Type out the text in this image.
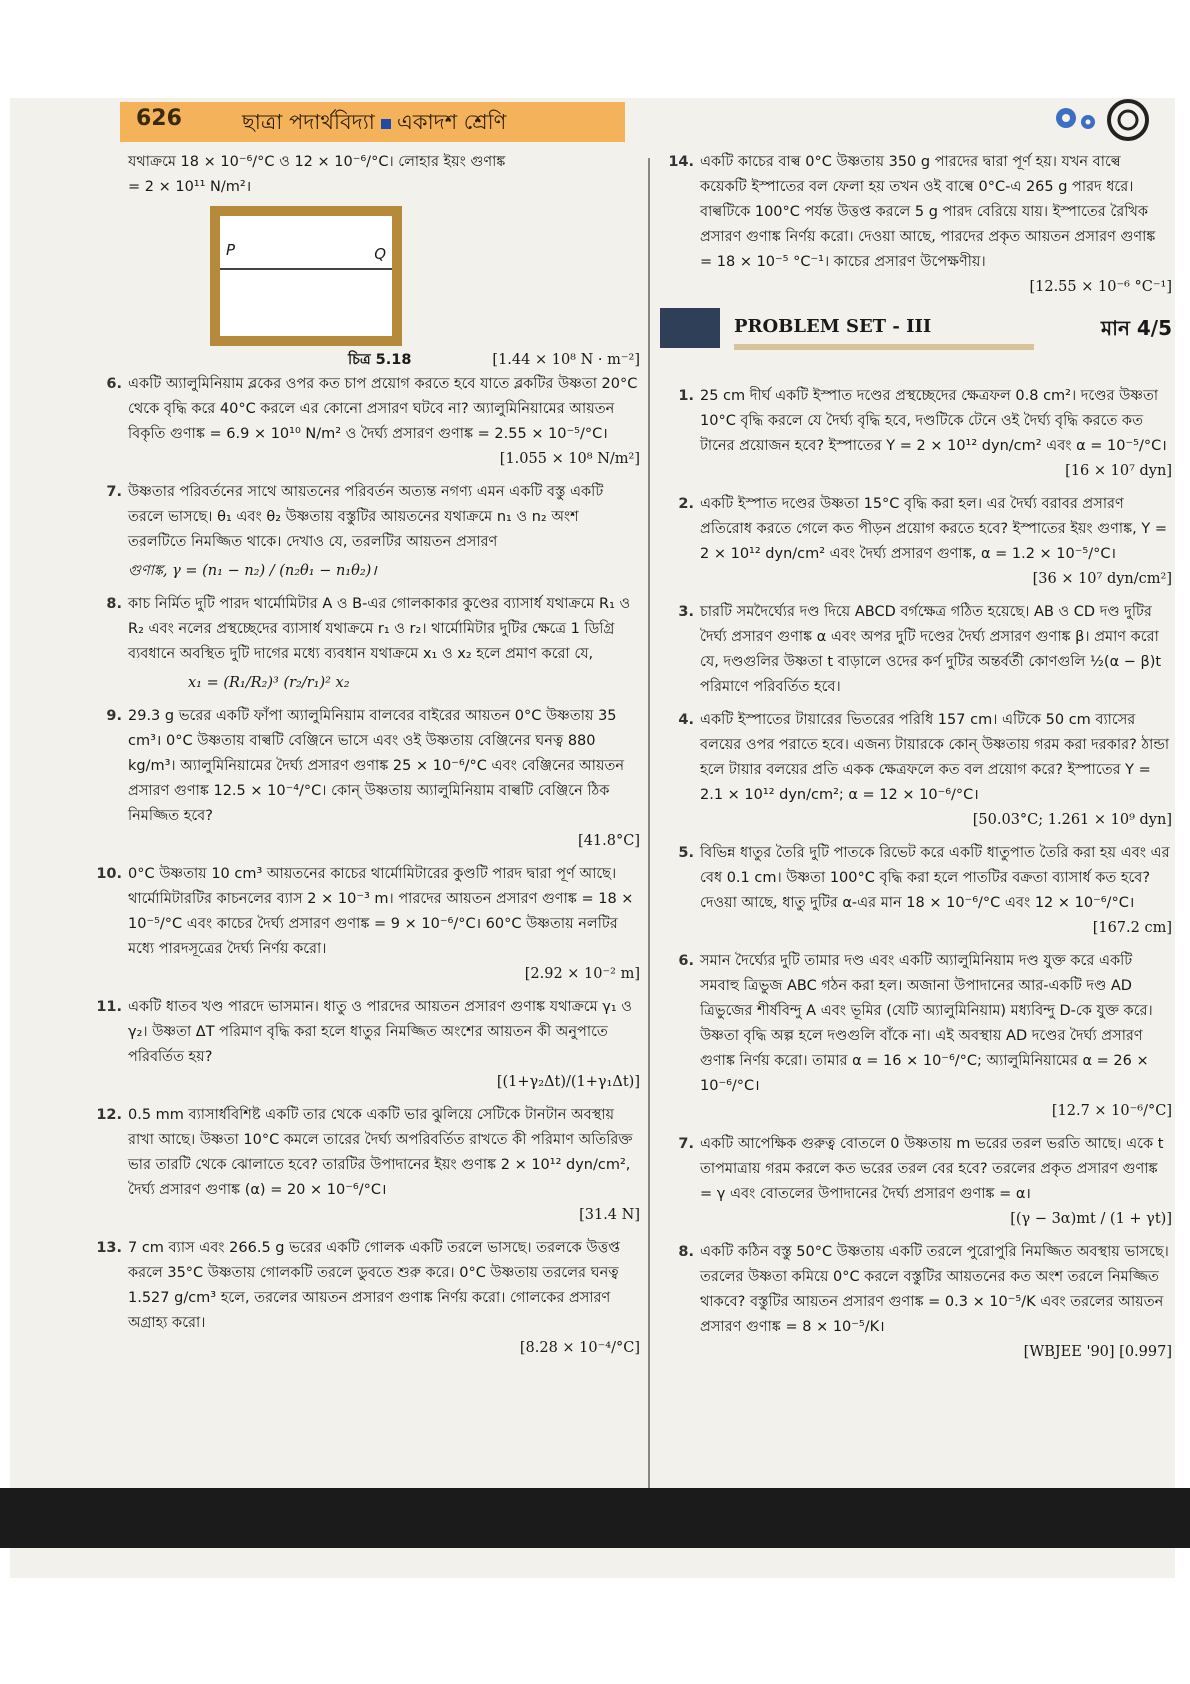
626	ছাত্রা পদার্থবিদ্যা একাদশ শ্রেণি
যথাক্রমে 18 × 10⁻⁶/°C ও 12 × 10⁻⁶/°C। লোহার ইয়ং গুণাঙ্ক
= 2 × 10¹¹ N/m²।
P	Q
চিত্র 5.18	[1.44 × 10⁸ N · m⁻²]
6. একটি অ্যালুমিনিয়াম ব্লকের ওপর কত চাপ প্রয়োগ করতে হবে যাতে ব্লকটির উষ্ণতা 20°C থেকে বৃদ্ধি করে 40°C করলে এর কোনো প্রসারণ ঘটবে না? অ্যালুমিনিয়ামের আয়তন বিকৃতি গুণাঙ্ক = 6.9 × 10¹⁰ N/m² ও দৈর্ঘ্য প্রসারণ গুণাঙ্ক = 2.55 × 10⁻⁵/°C।
[1.055 × 10⁸ N/m²]
7. উষ্ণতার পরিবর্তনের সাথে আয়তনের পরিবর্তন অত্যন্ত নগণ্য এমন একটি বস্তু একটি তরলে ভাসছে। θ₁ এবং θ₂ উষ্ণতায় বস্তুটির আয়তনের যথাক্রমে n₁ ও n₂ অংশ তরলটিতে নিমজ্জিত থাকে। দেখাও যে, তরলটির আয়তন প্রসারণ
গুণাঙ্ক, γ = (n₁ − n₂) / (n₂θ₁ − n₁θ₂)।
8. কাচ নির্মিত দুটি পারদ থার্মোমিটার A ও B-এর গোলকাকার কুণ্ডের ব্যাসার্ধ যথাক্রমে R₁ ও R₂ এবং নলের প্রস্থচ্ছেদের ব্যাসার্ধ যথাক্রমে r₁ ও r₂। থার্মোমিটার দুটির ক্ষেত্রে 1 ডিগ্রি ব্যবধানে অবস্থিত দুটি দাগের মধ্যে ব্যবধান যথাক্রমে x₁ ও x₂ হলে প্রমাণ করো যে,
x₁ = (R₁/R₂)³ (r₂/r₁)² x₂
9. 29.3 g ভরের একটি ফাঁপা অ্যালুমিনিয়াম বালবের বাইরের আয়তন 0°C উষ্ণতায় 35 cm³। 0°C উষ্ণতায় বাল্বটি বেঞ্জিনে ভাসে এবং ওই উষ্ণতায় বেঞ্জিনের ঘনত্ব 880 kg/m³। অ্যালুমিনিয়ামের দৈর্ঘ্য প্রসারণ গুণাঙ্ক 25 × 10⁻⁶/°C এবং বেঞ্জিনের আয়তন প্রসারণ গুণাঙ্ক 12.5 × 10⁻⁴/°C। কোন্ উষ্ণতায় অ্যালুমিনিয়াম বাল্বটি বেঞ্জিনে ঠিক নিমজ্জিত হবে?
[41.8°C]
10. 0°C উষ্ণতায় 10 cm³ আয়তনের কাচের থার্মোমিটারের কুণ্ডটি পারদ দ্বারা পূর্ণ আছে। থার্মোমিটারটির কাচনলের ব্যাস 2 × 10⁻³ m। পারদের আয়তন প্রসারণ গুণাঙ্ক = 18 × 10⁻⁵/°C এবং কাচের দৈর্ঘ্য প্রসারণ গুণাঙ্ক = 9 × 10⁻⁶/°C। 60°C উষ্ণতায় নলটির মধ্যে পারদসূত্রের দৈর্ঘ্য নির্ণয় করো।
[2.92 × 10⁻² m]
11. একটি ধাতব খণ্ড পারদে ভাসমান। ধাতু ও পারদের আয়তন প্রসারণ গুণাঙ্ক যথাক্রমে γ₁ ও γ₂। উষ্ণতা ΔT পরিমাণ বৃদ্ধি করা হলে ধাতুর নিমজ্জিত অংশের আয়তন কী অনুপাতে পরিবর্তিত হয়?
[(1+γ₂Δt)/(1+γ₁Δt)]
12. 0.5 mm ব্যাসার্ধবিশিষ্ট একটি তার থেকে একটি ভার ঝুলিয়ে সেটিকে টানটান অবস্থায় রাখা আছে। উষ্ণতা 10°C কমলে তারের দৈর্ঘ্য অপরিবর্তিত রাখতে কী পরিমাণ অতিরিক্ত ভার তারটি থেকে ঝোলাতে হবে? তারটির উপাদানের ইয়ং গুণাঙ্ক 2 × 10¹² dyn/cm², দৈর্ঘ্য প্রসারণ গুণাঙ্ক (α) = 20 × 10⁻⁶/°C।
[31.4 N]
13. 7 cm ব্যাস এবং 266.5 g ভরের একটি গোলক একটি তরলে ভাসছে। তরলকে উত্তপ্ত করলে 35°C উষ্ণতায় গোলকটি তরলে ডুবতে শুরু করে। 0°C উষ্ণতায় তরলের ঘনত্ব 1.527 g/cm³ হলে, তরলের আয়তন প্রসারণ গুণাঙ্ক নির্ণয় করো। গোলকের প্রসারণ অগ্রাহ্য করো।
[8.28 × 10⁻⁴/°C]
14. একটি কাচের বাল্ব 0°C উষ্ণতায় 350 g পারদের দ্বারা পূর্ণ হয়। যখন বাল্বে কয়েকটি ইস্পাতের বল ফেলা হয় তখন ওই বাল্বে 0°C-এ 265 g পারদ ধরে। বাল্বটিকে 100°C পর্যন্ত উত্তপ্ত করলে 5 g পারদ বেরিয়ে যায়। ইস্পাতের রৈখিক প্রসারণ গুণাঙ্ক নির্ণয় করো। দেওয়া আছে, পারদের প্রকৃত আয়তন প্রসারণ গুণাঙ্ক = 18 × 10⁻⁵ °C⁻¹। কাচের প্রসারণ উপেক্ষণীয়।
[12.55 × 10⁻⁶ °C⁻¹]
PROBLEM SET - III	মান 4/5
1. 25 cm দীর্ঘ একটি ইস্পাত দণ্ডের প্রস্থচ্ছেদের ক্ষেত্রফল 0.8 cm²। দণ্ডের উষ্ণতা 10°C বৃদ্ধি করলে যে দৈর্ঘ্য বৃদ্ধি হবে, দণ্ডটিকে টেনে ওই দৈর্ঘ্য বৃদ্ধি করতে কত টানের প্রয়োজন হবে? ইস্পাতের Y = 2 × 10¹² dyn/cm² এবং α = 10⁻⁵/°C।
[16 × 10⁷ dyn]
2. একটি ইস্পাত দণ্ডের উষ্ণতা 15°C বৃদ্ধি করা হল। এর দৈর্ঘ্য বরাবর প্রসারণ প্রতিরোধ করতে গেলে কত পীড়ন প্রয়োগ করতে হবে? ইস্পাতের ইয়ং গুণাঙ্ক, Y = 2 × 10¹² dyn/cm² এবং দৈর্ঘ্য প্রসারণ গুণাঙ্ক, α = 1.2 × 10⁻⁵/°C।
[36 × 10⁷ dyn/cm²]
3. চারটি সমদৈর্ঘ্যের দণ্ড দিয়ে ABCD বর্গক্ষেত্র গঠিত হয়েছে। AB ও CD দণ্ড দুটির দৈর্ঘ্য প্রসারণ গুণাঙ্ক α এবং অপর দুটি দণ্ডের দৈর্ঘ্য প্রসারণ গুণাঙ্ক β। প্রমাণ করো যে, দণ্ডগুলির উষ্ণতা t বাড়ালে ওদের কর্ণ দুটির অন্তর্বর্তী কোণগুলি ½(α − β)t পরিমাণে পরিবর্তিত হবে।
4. একটি ইস্পাতের টায়ারের ভিতরের পরিধি 157 cm। এটিকে 50 cm ব্যাসের বলয়ের ওপর পরাতে হবে। এজন্য টায়ারকে কোন্ উষ্ণতায় গরম করা দরকার? ঠান্ডা হলে টায়ার বলয়ের প্রতি একক ক্ষেত্রফলে কত বল প্রয়োগ করে? ইস্পাতের Y = 2.1 × 10¹² dyn/cm²; α = 12 × 10⁻⁶/°C।
[50.03°C; 1.261 × 10⁹ dyn]
5. বিভিন্ন ধাতুর তৈরি দুটি পাতকে রিভেট করে একটি ধাতুপাত তৈরি করা হয় এবং এর বেধ 0.1 cm। উষ্ণতা 100°C বৃদ্ধি করা হলে পাতটির বক্রতা ব্যাসার্ধ কত হবে? দেওয়া আছে, ধাতু দুটির α-এর মান 18 × 10⁻⁶/°C এবং 12 × 10⁻⁶/°C।
[167.2 cm]
6. সমান দৈর্ঘ্যের দুটি তামার দণ্ড এবং একটি অ্যালুমিনিয়াম দণ্ড যুক্ত করে একটি সমবাহু ত্রিভুজ ABC গঠন করা হল। অজানা উপাদানের আর-একটি দণ্ড AD ত্রিভুজের শীর্ষবিন্দু A এবং ভূমির (যেটি অ্যালুমিনিয়াম) মধ্যবিন্দু D-কে যুক্ত করে। উষ্ণতা বৃদ্ধি অল্প হলে দণ্ডগুলি বাঁকে না। এই অবস্থায় AD দণ্ডের দৈর্ঘ্য প্রসারণ গুণাঙ্ক নির্ণয় করো। তামার α = 16 × 10⁻⁶/°C; অ্যালুমিনিয়ামের α = 26 × 10⁻⁶/°C।
[12.7 × 10⁻⁶/°C]
7. একটি আপেক্ষিক গুরুত্ব বোতলে 0 উষ্ণতায় m ভরের তরল ভরতি আছে। একে t তাপমাত্রায় গরম করলে কত ভরের তরল বের হবে? তরলের প্রকৃত প্রসারণ গুণাঙ্ক = γ এবং বোতলের উপাদানের দৈর্ঘ্য প্রসারণ গুণাঙ্ক = α।
[(γ − 3α)mt / (1 + γt)]
8. একটি কঠিন বস্তু 50°C উষ্ণতায় একটি তরলে পুরোপুরি নিমজ্জিত অবস্থায় ভাসছে। তরলের উষ্ণতা কমিয়ে 0°C করলে বস্তুটির আয়তনের কত অংশ তরলে নিমজ্জিত থাকবে? বস্তুটির আয়তন প্রসারণ গুণাঙ্ক = 0.3 × 10⁻⁵/K এবং তরলের আয়তন প্রসারণ গুণাঙ্ক = 8 × 10⁻⁵/K।
[WBJEE '90] [0.997]
